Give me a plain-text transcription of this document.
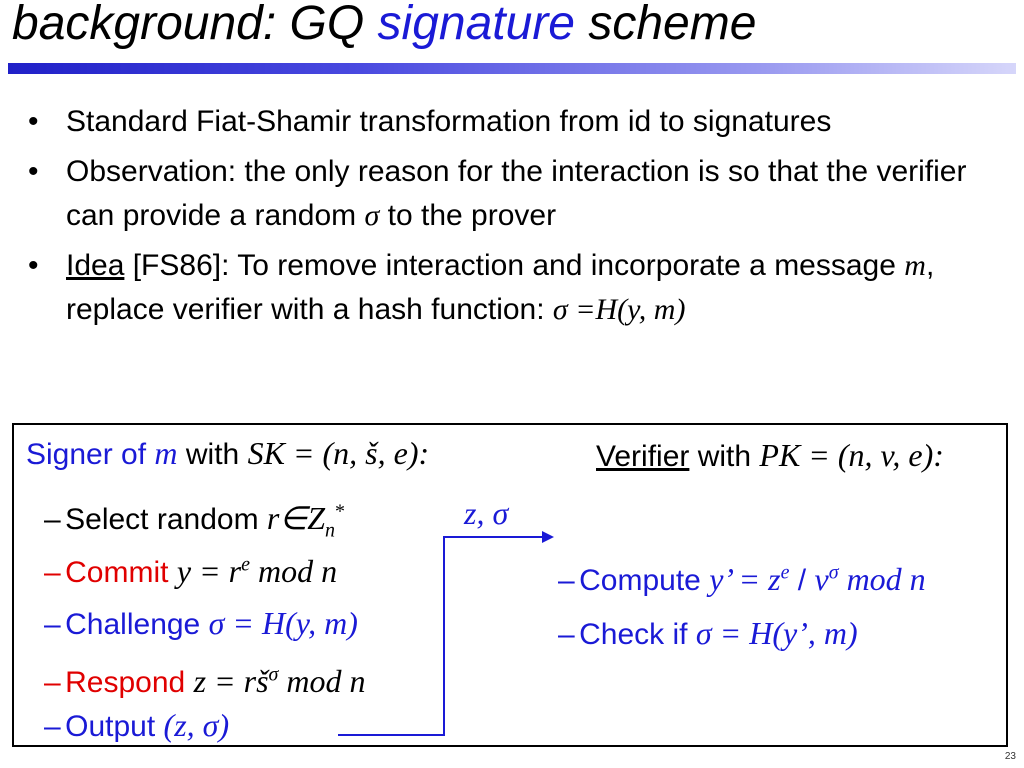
background: GQ signature scheme
• Standard Fiat-Shamir transformation from id to signatures
• Observation: the only reason for the interaction is so that the verifier can provide a random σ to the prover
• Idea [FS86]: To remove interaction and incorporate a message m, replace verifier with a hash function: σ =H(y, m)
Signer of m with SK = (n, š, e):	Verifier with PK = (n, v, e):
– Select random $r\in Z_n^*$
– Commit $y = r^e$ mod n
– Challenge σ = H(y, m)
– Respond $z = rš^\sigma$ mod n
– Output (z, σ)
z, σ
– Compute y’ = $z^e / v^\sigma$ mod n
– Check if σ = H(y’, m)
23
